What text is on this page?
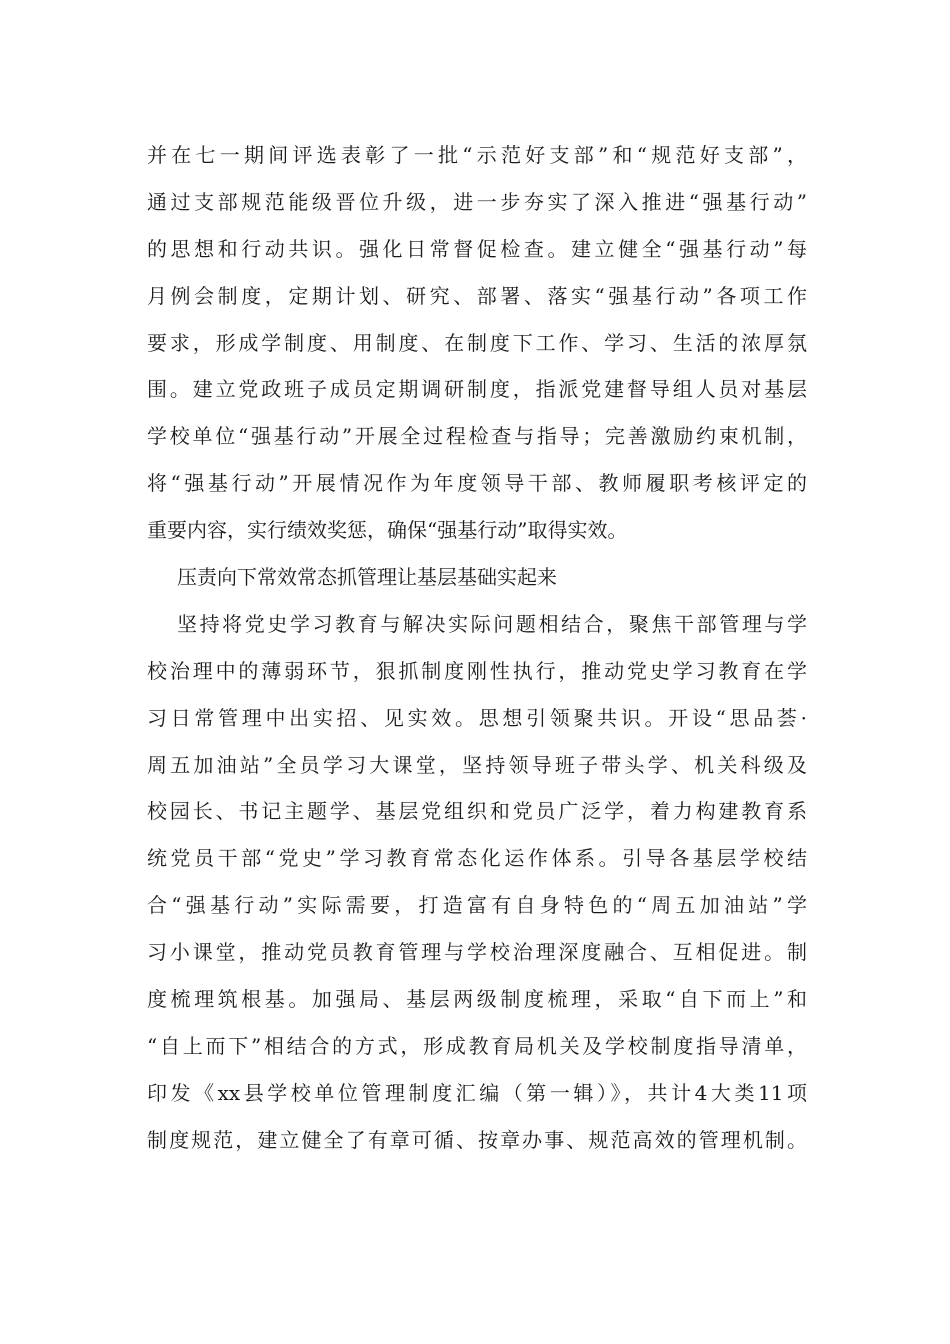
并在七一期间评选表彰了一批“示范好支部”和“规范好支部”，
通过支部规范能级晋位升级，进一步夯实了深入推进“强基行动”
的思想和行动共识。强化日常督促检查。建立健全“强基行动”每
月例会制度，定期计划、研究、部署、落实“强基行动”各项工作
要求，形成学制度、用制度、在制度下工作、学习、生活的浓厚氛
围。建立党政班子成员定期调研制度，指派党建督导组人员对基层
学校单位“强基行动”开展全过程检查与指导；完善激励约束机制，
将“强基行动”开展情况作为年度领导干部、教师履职考核评定的
重要内容，实行绩效奖惩，确保“强基行动”取得实效。
压责向下常效常态抓管理让基层基础实起来
坚持将党史学习教育与解决实际问题相结合，聚焦干部管理与学
校治理中的薄弱环节，狠抓制度刚性执行，推动党史学习教育在学
习日常管理中出实招、见实效。思想引领聚共识。开设“思品荟·
周五加油站”全员学习大课堂，坚持领导班子带头学、机关科级及
校园长、书记主题学、基层党组织和党员广泛学，着力构建教育系
统党员干部“党史”学习教育常态化运作体系。引导各基层学校结
合“强基行动”实际需要，打造富有自身特色的“周五加油站”学
习小课堂，推动党员教育管理与学校治理深度融合、互相促进。制
度梳理筑根基。加强局、基层两级制度梳理，采取“自下而上”和
“自上而下”相结合的方式，形成教育局机关及学校制度指导清单，
印发《xx县学校单位管理制度汇编（第一辑）》，共计4大类11项
制度规范，建立健全了有章可循、按章办事、规范高效的管理机制。
